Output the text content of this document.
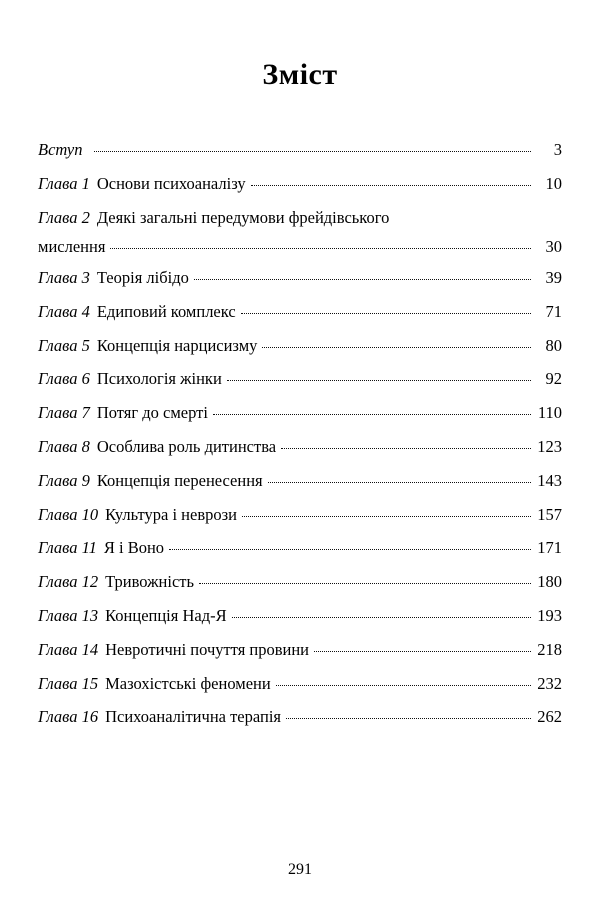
Зміст
Вступ	3
Глава 1 Основи психоаналізу	10
Глава 2 Деякі загальні передумови фрейдівського
мислення	30
Глава 3 Теорія лібідо	39
Глава 4 Едиповий комплекс	71
Глава 5 Концепція нарцисизму	80
Глава 6 Психологія жінки	92
Глава 7 Потяг до смерті	110
Глава 8 Особлива роль дитинства	123
Глава 9 Концепція перенесення	143
Глава 10 Культура і неврози	157
Глава 11 Я і Воно	171
Глава 12 Тривожність	180
Глава 13 Концепція Над-Я	193
Глава 14 Невротичні почуття провини	218
Глава 15 Мазохістські феномени	232
Глава 16 Психоаналітична терапія	262
291
